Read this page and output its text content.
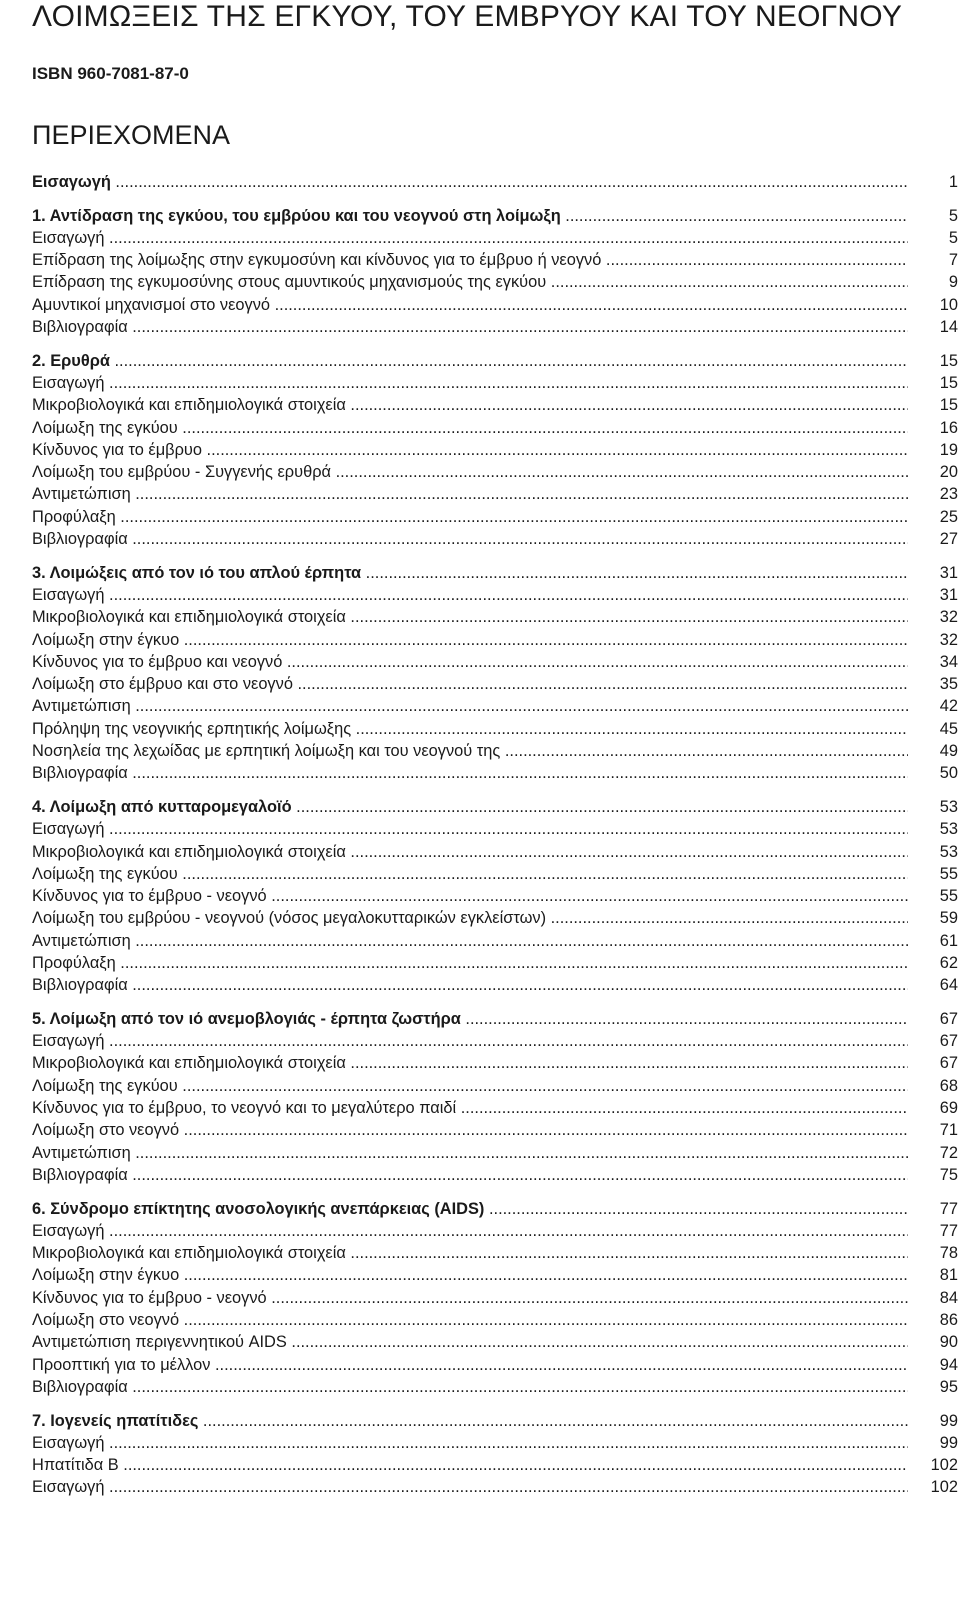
ΛΟΙΜΩΞΕΙΣ ΤΗΣ ΕΓΚΥΟΥ, ΤΟΥ ΕΜΒΡΥΟΥ ΚΑΙ ΤΟΥ ΝΕΟΓΝΟΥ
ISBN 960-7081-87-0
ΠΕΡΙΕΧΟΜΕΝΑ
Εισαγωγή .....	1
1. Αντίδραση της εγκύου, του εμβρύου και του νεογνού στη λοίμωξη .....	5
Εισαγωγή .....	5
Επίδραση της λοίμωξης στην εγκυμοσύνη και κίνδυνος για το έμβρυο ή νεογνό .....	7
Επίδραση της εγκυμοσύνης στους αμυντικούς μηχανισμούς της εγκύου .....	9
Αμυντικοί μηχανισμοί στο νεογνό .....	10
Βιβλιογραφία .....	14
2. Ερυθρά .....	15
Εισαγωγή .....	15
Μικροβιολογικά και επιδημιολογικά στοιχεία .....	15
Λοίμωξη της εγκύου .....	16
Κίνδυνος για το έμβρυο .....	19
Λοίμωξη του εμβρύου - Συγγενής ερυθρά .....	20
Αντιμετώπιση .....	23
Προφύλαξη .....	25
Βιβλιογραφία .....	27
3. Λοιμώξεις από τον ιό του απλού έρπητα .....	31
Εισαγωγή .....	31
Μικροβιολογικά και επιδημιολογικά στοιχεία .....	32
Λοίμωξη στην έγκυο .....	32
Κίνδυνος για το έμβρυο και νεογνό .....	34
Λοίμωξη στο έμβρυο και στο νεογνό .....	35
Αντιμετώπιση .....	42
Πρόληψη της νεογνικής ερπητικής λοίμωξης .....	45
Νοσηλεία της λεχωίδας με ερπητική λοίμωξη και του νεογνού της .....	49
Βιβλιογραφία .....	50
4. Λοίμωξη από κυτταρομεγαλοϊό .....	53
Εισαγωγή .....	53
Μικροβιολογικά και επιδημιολογικά στοιχεία .....	53
Λοίμωξη της εγκύου .....	55
Κίνδυνος για το έμβρυο - νεογνό .....	55
Λοίμωξη του εμβρύου - νεογνού (νόσος μεγαλοκυτταρικών εγκλείστων) .....	59
Αντιμετώπιση .....	61
Προφύλαξη .....	62
Βιβλιογραφία .....	64
5. Λοίμωξη από τον ιό ανεμοβλογιάς - έρπητα ζωστήρα .....	67
Εισαγωγή .....	67
Μικροβιολογικά και επιδημιολογικά στοιχεία .....	67
Λοίμωξη της εγκύου .....	68
Κίνδυνος για το έμβρυο, το νεογνό και το μεγαλύτερο παιδί .....	69
Λοίμωξη στο νεογνό .....	71
Αντιμετώπιση .....	72
Βιβλιογραφία .....	75
6. Σύνδρομο επίκτητης ανοσολογικής ανεπάρκειας (AIDS) .....	77
Εισαγωγή .....	77
Μικροβιολογικά και επιδημιολογικά στοιχεία .....	78
Λοίμωξη στην έγκυο .....	81
Κίνδυνος για το έμβρυο - νεογνό .....	84
Λοίμωξη στο νεογνό .....	86
Αντιμετώπιση περιγεννητικού AIDS .....	90
Προοπτική για το μέλλον .....	94
Βιβλιογραφία .....	95
7. Ιογενείς ηπατίτιδες .....	99
Εισαγωγή .....	99
Ηπατίτιδα Β .....	102
Εισαγωγή .....	102
